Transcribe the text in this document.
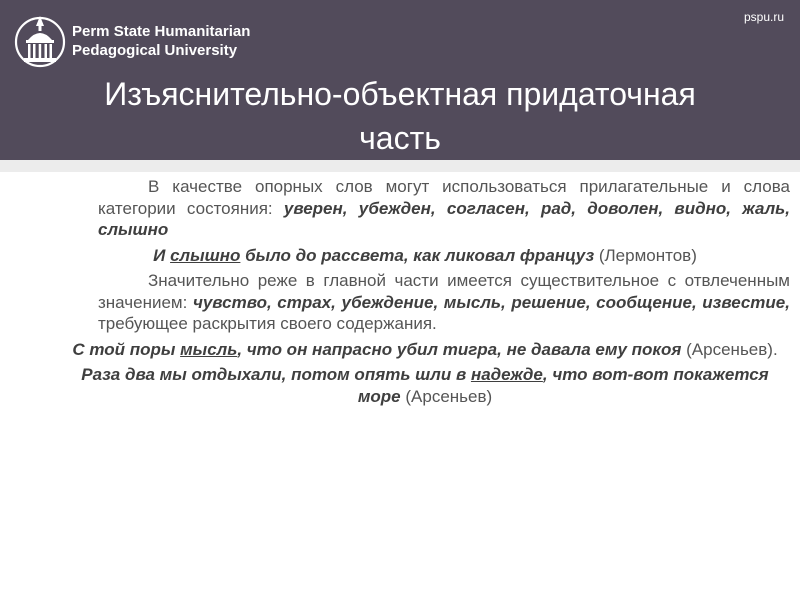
Perm State Humanitarian
Pedagogical University
pspu.ru
Изъяснительно-объектная придаточная
часть

В качестве опорных слов могут использоваться прилагательные и слова категории состояния: уверен, убежден, согласен, рад, доволен, видно, жаль, слышно

И слышно было до рассвета, как ликовал француз (Лермонтов)

Значительно реже в главной части имеется существительное с отвлеченным значением: чувство, страх, убеждение, мысль, решение, сообщение, известие, требующее раскрытия своего содержания.

С той поры мысль, что он напрасно убил тигра, не давала ему покоя (Арсеньев).

Раза два мы отдыхали, потом опять шли в надежде, что вот-вот покажется море (Арсеньев)
